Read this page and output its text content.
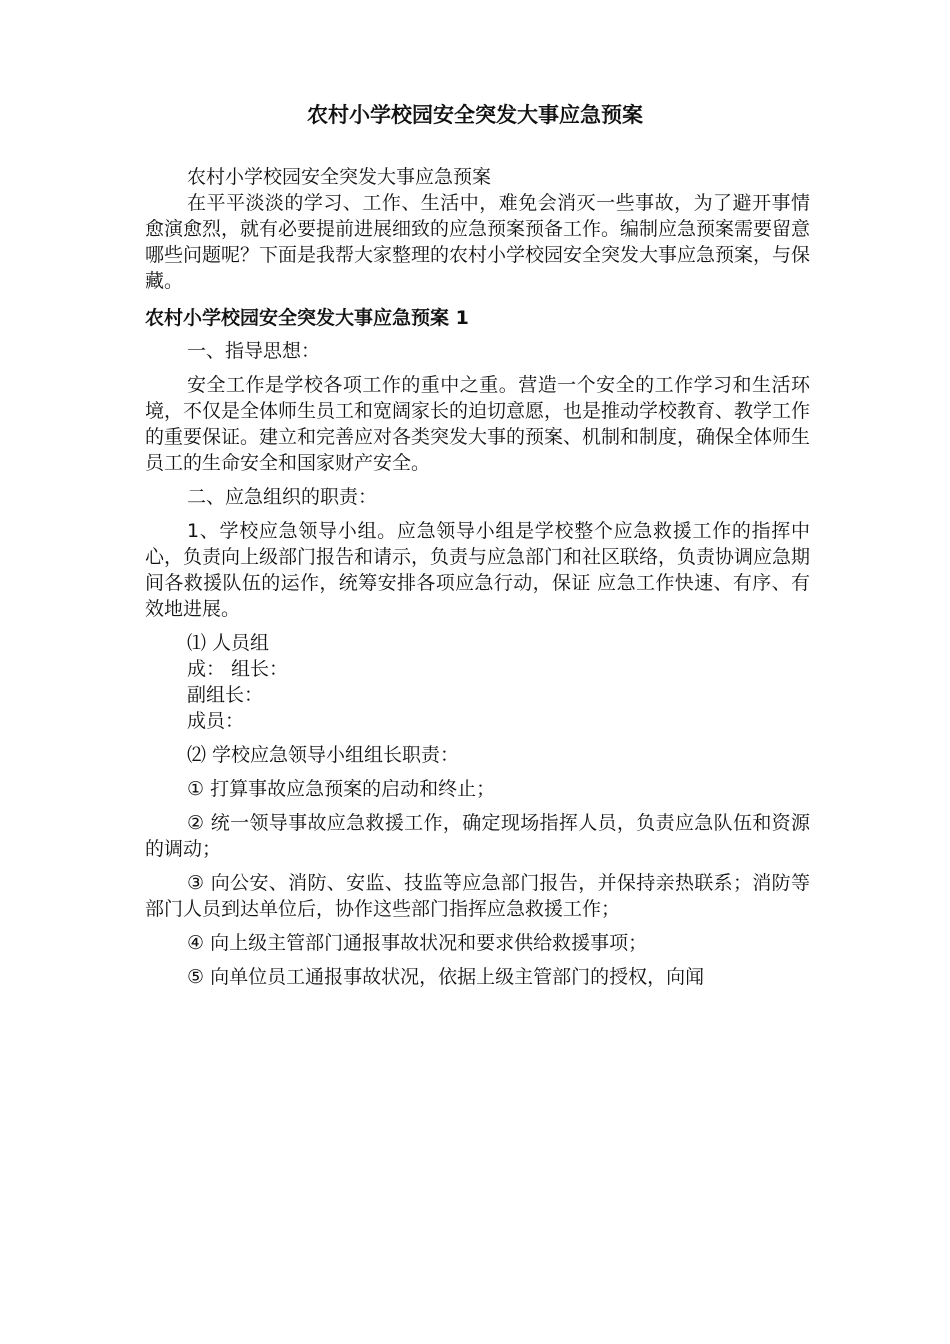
农村小学校园安全突发大事应急预案

农村小学校园安全突发大事应急预案

在平平淡淡的学习、工作、生活中，难免会消灭一些事故，为了避开事情愈演愈烈，就有必要提前进展细致的应急预案预备工作。编制应急预案需要留意哪些问题呢？下面是我帮大家整理的农村小学校园安全突发大事应急预案，与保藏。

农村小学校园安全突发大事应急预案 1

一、指导思想：

安全工作是学校各项工作的重中之重。营造一个安全的工作学习和生活环境，不仅是全体师生员工和宽阔家长的迫切意愿，也是推动学校教育、教学工作的重要保证。建立和完善应对各类突发大事的预案、机制和制度，确保全体师生员工的生命安全和国家财产安全。

二、应急组织的职责：

1、学校应急领导小组。应急领导小组是学校整个应急救援工作的指挥中心，负责向上级部门报告和请示，负责与应急部门和社区联络，负责协调应急期间各救援队伍的运作，统筹安排各项应急行动，保证 应急工作快速、有序、有效地进展。

⑴ 人员组

成： 组长：

副组长：

成员：

⑵ 学校应急领导小组组长职责：

① 打算事故应急预案的启动和终止；

② 统一领导事故应急救援工作，确定现场指挥人员，负责应急队伍和资源的调动；

③ 向公安、消防、安监、技监等应急部门报告，并保持亲热联系；消防等部门人员到达单位后，协作这些部门指挥应急救援工作；

④ 向上级主管部门通报事故状况和要求供给救援事项；

⑤ 向单位员工通报事故状况，依据上级主管部门的授权，向闻
